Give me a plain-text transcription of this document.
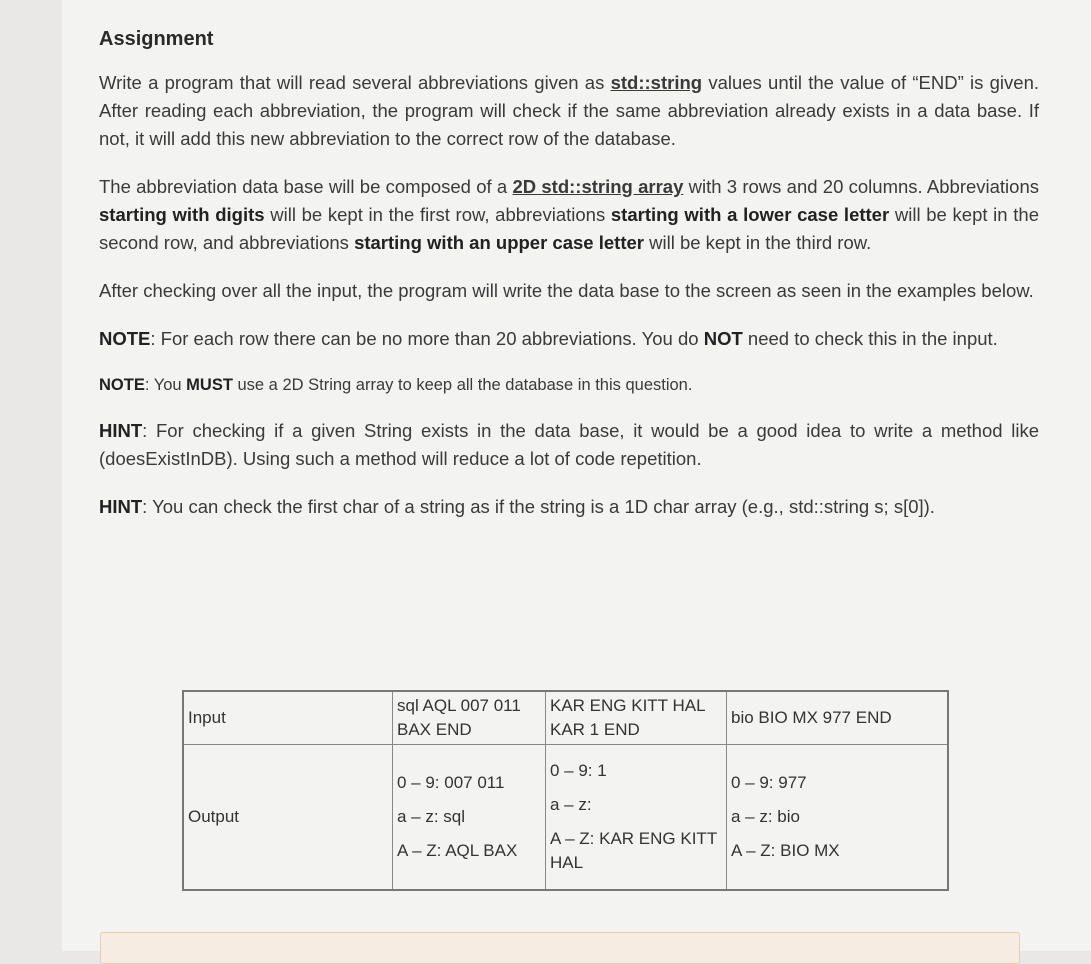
Assignment

Write a program that will read several abbreviations given as std::string values until the value of “END” is given. After reading each abbreviation, the program will check if the same abbreviation already exists in a data base. If not, it will add this new abbreviation to the correct row of the database.

The abbreviation data base will be composed of a 2D std::string array with 3 rows and 20 columns. Abbreviations starting with digits will be kept in the first row, abbreviations starting with a lower case letter will be kept in the second row, and abbreviations starting with an upper case letter will be kept in the third row.

After checking over all the input, the program will write the data base to the screen as seen in the examples below.

NOTE: For each row there can be no more than 20 abbreviations. You do NOT need to check this in the input.

NOTE: You MUST use a 2D String array to keep all the database in this question.

HINT: For checking if a given String exists in the data base, it would be a good idea to write a method like (doesExistInDB). Using such a method will reduce a lot of code repetition.

HINT: You can check the first char of a string as if the string is a 1D char array (e.g., std::string s; s[0]).

Input	sql AQL 007 011 BAX END	KAR ENG KITT HAL KAR 1 END	bio BIO MX 977 END
Output	0 – 9: 007 011
a – z: sql
A – Z: AQL BAX	0 – 9: 1
a – z:
A – Z: KAR ENG KITT HAL	0 – 9: 977
a – z: bio
A – Z: BIO MX
